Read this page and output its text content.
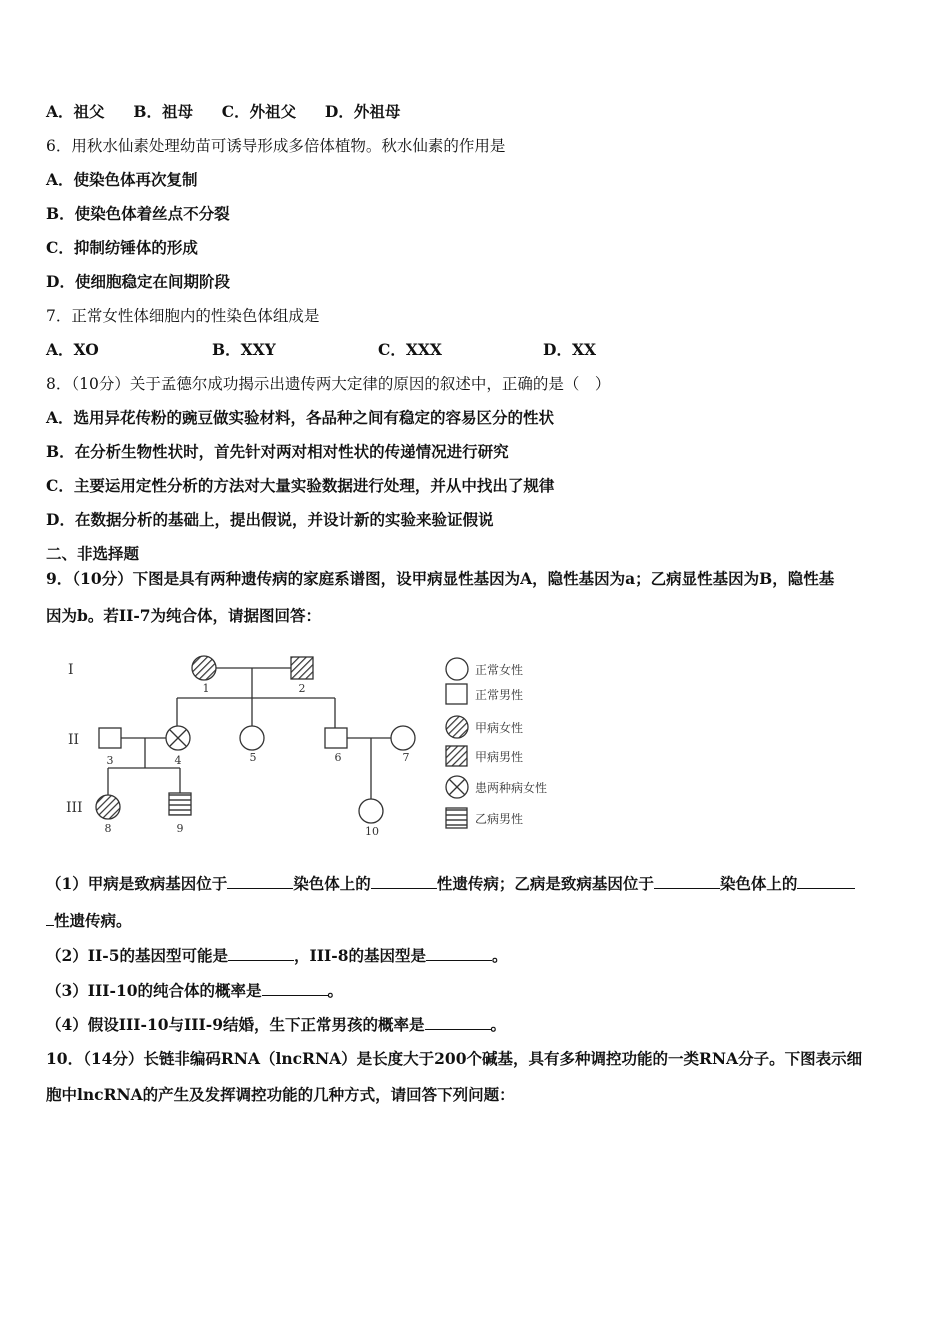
A．祖父 B．祖母 C．外祖父 D．外祖母
6．用秋水仙素处理幼苗可诱导形成多倍体植物。秋水仙素的作用是
A．使染色体再次复制
B．使染色体着丝点不分裂
C．抑制纺锤体的形成
D．使细胞稳定在间期阶段
7．正常女性体细胞内的性染色体组成是
A．XO	B．XXY	C．XXX	D．XX
8．（10分）关于孟德尔成功揭示出遗传两大定律的原因的叙述中，正确的是（　）
A．选用异花传粉的豌豆做实验材料，各品种之间有稳定的容易区分的性状
B．在分析生物性状时，首先针对两对相对性状的传递情况进行研究
C．主要运用定性分析的方法对大量实验数据进行处理，并从中找出了规律
D．在数据分析的基础上，提出假说，并设计新的实验来验证假说
二、非选择题
9．（10分）下图是具有两种遗传病的家庭系谱图，设甲病显性基因为A，隐性基因为a；乙病显性基因为B，隐性基
因为b。若II-7为纯合体，请据图回答：
I
II
III
1	2
3	4	5	6	7
8	9	10
正常女性
正常男性
甲病女性
甲病男性
患两种病女性
乙病男性
（1）甲病是致病基因位于	染色体上的	性遗传病；乙病是致病基因位于	染色体上的
性遗传病。
（2）II-5的基因型可能是	，III-8的基因型是	。
（3）III-10的纯合体的概率是	。
（4）假设III-10与III-9结婚，生下正常男孩的概率是	。
10．（14分）长链非编码RNA（lncRNA）是长度大于200个碱基，具有多种调控功能的一类RNA分子。下图表示细
胞中lncRNA的产生及发挥调控功能的几种方式，请回答下列问题：
